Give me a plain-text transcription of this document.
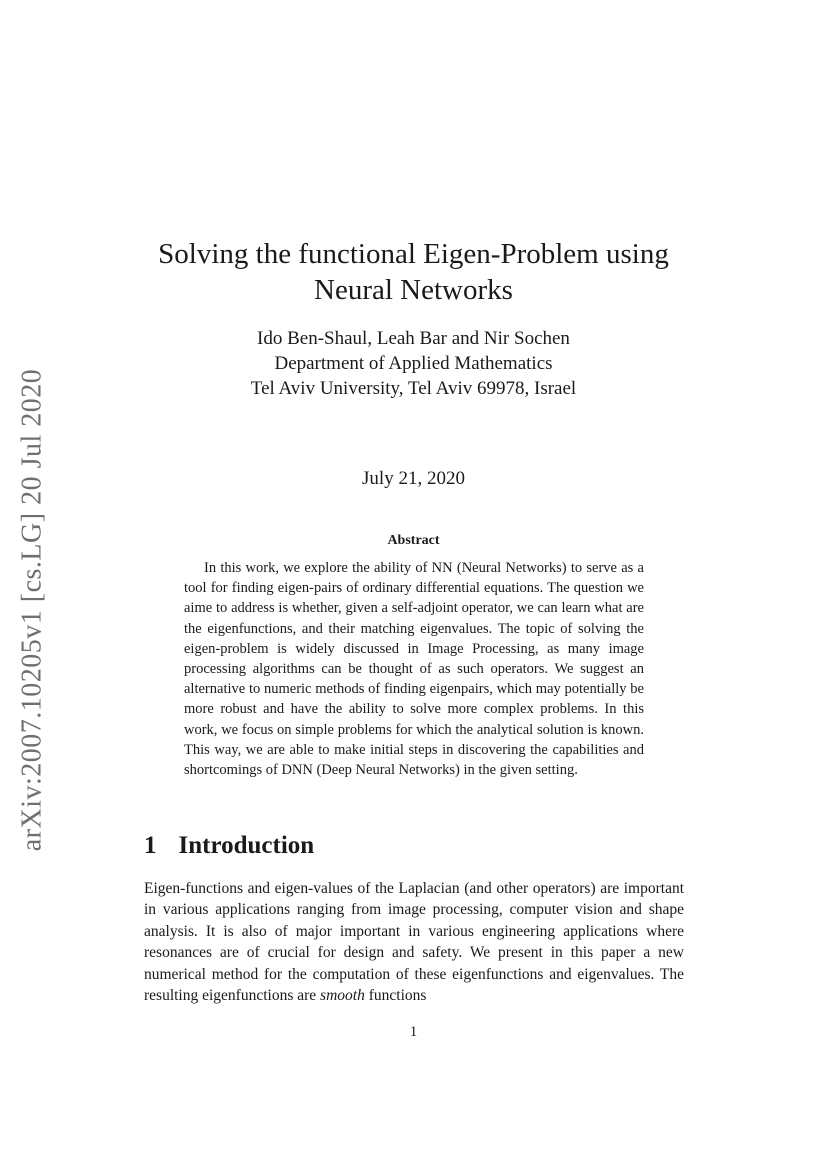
arXiv:2007.10205v1 [cs.LG] 20 Jul 2020
Solving the functional Eigen-Problem using
Neural Networks
Ido Ben-Shaul, Leah Bar and Nir Sochen
Department of Applied Mathematics
Tel Aviv University, Tel Aviv 69978, Israel
July 21, 2020
Abstract
In this work, we explore the ability of NN (Neural Networks) to serve as a tool for finding eigen-pairs of ordinary differential equations. The question we aime to address is whether, given a self-adjoint operator, we can learn what are the eigenfunctions, and their matching eigenvalues. The topic of solving the eigen-problem is widely discussed in Image Processing, as many image processing algorithms can be thought of as such operators. We suggest an alternative to numeric methods of finding eigenpairs, which may potentially be more robust and have the ability to solve more complex problems. In this work, we focus on simple problems for which the analytical solution is known. This way, we are able to make initial steps in discovering the capabilities and shortcomings of DNN (Deep Neural Networks) in the given setting.
1 Introduction
Eigen-functions and eigen-values of the Laplacian (and other operators) are important in various applications ranging from image processing, computer vision and shape analysis. It is also of major important in various engineering applications where resonances are of crucial for design and safety. We present in this paper a new numerical method for the computation of these eigenfunctions and eigenvalues. The resulting eigenfunctions are smooth functions
1
